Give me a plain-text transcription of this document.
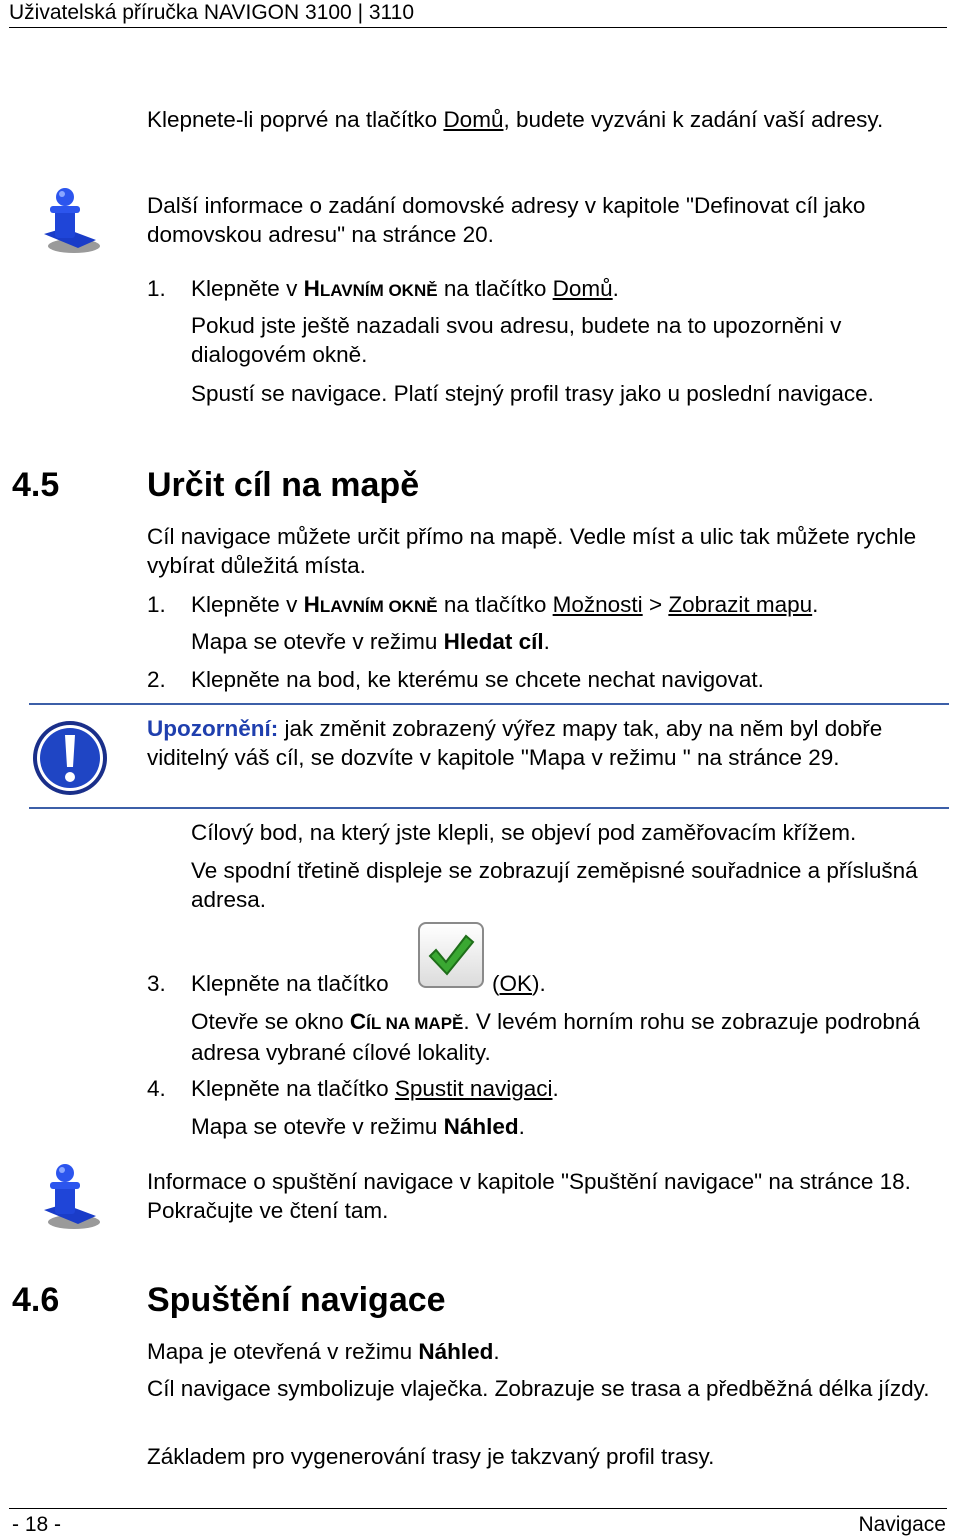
Uživatelská příručka NAVIGON 3100 | 3110
Klepnete-li poprvé na tlačítko Domů, budete vyzváni k zadání vaší adresy.
Další informace o zadání domovské adresy v kapitole "Definovat cíl jako domovskou adresu" na stránce 20.
1. Klepněte v HLAVNÍM OKNĚ na tlačítko Domů.
Pokud jste ještě nazadali svou adresu, budete na to upozorněni v dialogovém okně.
Spustí se navigace. Platí stejný profil trasy jako u poslední navigace.
4.5	Určit cíl na mapě
Cíl navigace můžete určit přímo na mapě. Vedle míst a ulic tak můžete rychle vybírat důležitá místa.
1. Klepněte v HLAVNÍM OKNĚ na tlačítko Možnosti > Zobrazit mapu.
Mapa se otevře v režimu Hledat cíl.
2. Klepněte na bod, ke kterému se chcete nechat navigovat.
Upozornění: jak změnit zobrazený výřez mapy tak, aby na něm byl dobře viditelný váš cíl, se dozvíte v kapitole "Mapa v režimu " na stránce 29.
Cílový bod, na který jste klepli, se objeví pod zaměřovacím křížem.
Ve spodní třetině displeje se zobrazují zeměpisné souřadnice a příslušná adresa.
3. Klepněte na tlačítko	(OK).
Otevře se okno CÍL NA MAPĚ. V levém horním rohu se zobrazuje podrobná adresa vybrané cílové lokality.
4. Klepněte na tlačítko Spustit navigaci.
Mapa se otevře v režimu Náhled.
Informace o spuštění navigace v kapitole "Spuštění navigace" na stránce 18. Pokračujte ve čtení tam.
4.6	Spuštění navigace
Mapa je otevřená v režimu Náhled.
Cíl navigace symbolizuje vlaječka. Zobrazuje se trasa a předběžná délka jízdy.
Základem pro vygenerování trasy je takzvaný profil trasy.
- 18 -	Navigace
